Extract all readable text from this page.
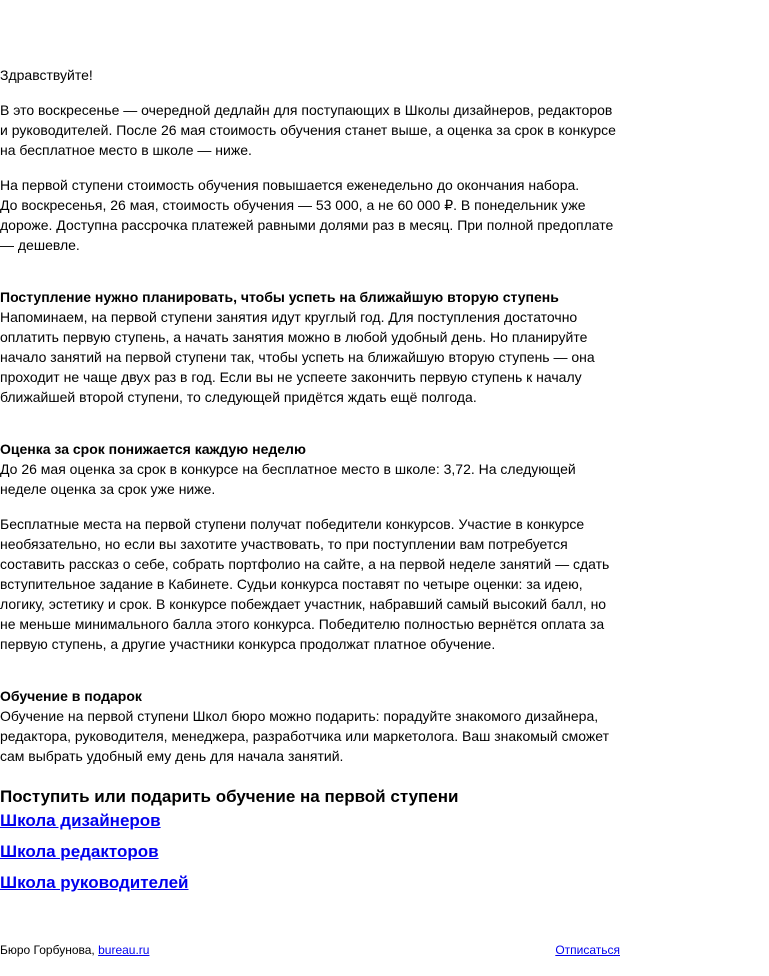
Здравствуйте!

В это воскресенье — очередной дедлайн для поступающих в Школы дизайнеров, редакторов и руководителей. После 26 мая стоимость обучения станет выше, а оценка за срок в конкурсе на бесплатное место в школе — ниже.

На первой ступени стоимость обучения повышается еженедельно до окончания набора.

До воскресенья, 26 мая, стоимость обучения — 53 000, а не 60 000 ₽. В понедельник уже дороже. Доступна рассрочка платежей равными долями раз в месяц. При полной предоплате — дешевле.

Поступление нужно планировать, чтобы успеть на ближайшую вторую ступень

Напоминаем, на первой ступени занятия идут круглый год. Для поступления достаточно оплатить первую ступень, а начать занятия можно в любой удобный день. Но планируйте начало занятий на первой ступени так, чтобы успеть на ближайшую вторую ступень — она проходит не чаще двух раз в год. Если вы не успеете закончить первую ступень к началу ближайшей второй ступени, то следующей придётся ждать ещё полгода.

Оценка за срок понижается каждую неделю

До 26 мая оценка за срок в конкурсе на бесплатное место в школе: 3,72. На следующей неделе оценка за срок уже ниже.

Бесплатные места на первой ступени получат победители конкурсов. Участие в конкурсе необязательно, но если вы захотите участвовать, то при поступлении вам потребуется составить рассказ о себе, собрать портфолио на сайте, а на первой неделе занятий — сдать вступительное задание в Кабинете. Судьи конкурса поставят по четыре оценки: за идею, логику, эстетику и срок. В конкурсе побеждает участник, набравший самый высокий балл, но не меньше минимального балла этого конкурса. Победителю полностью вернётся оплата за первую ступень, а другие участники конкурса продолжат платное обучение.

Обучение в подарок

Обучение на первой ступени Школ бюро можно подарить: порадуйте знакомого дизайнера, редактора, руководителя, менеджера, разработчика или маркетолога. Ваш знакомый сможет сам выбрать удобный ему день для начала занятий.

Поступить или подарить обучение на первой ступени
Школа дизайнеров
Школа редакторов
Школа руководителей
Бюро Горбунова, bureau.ru	Отписаться
